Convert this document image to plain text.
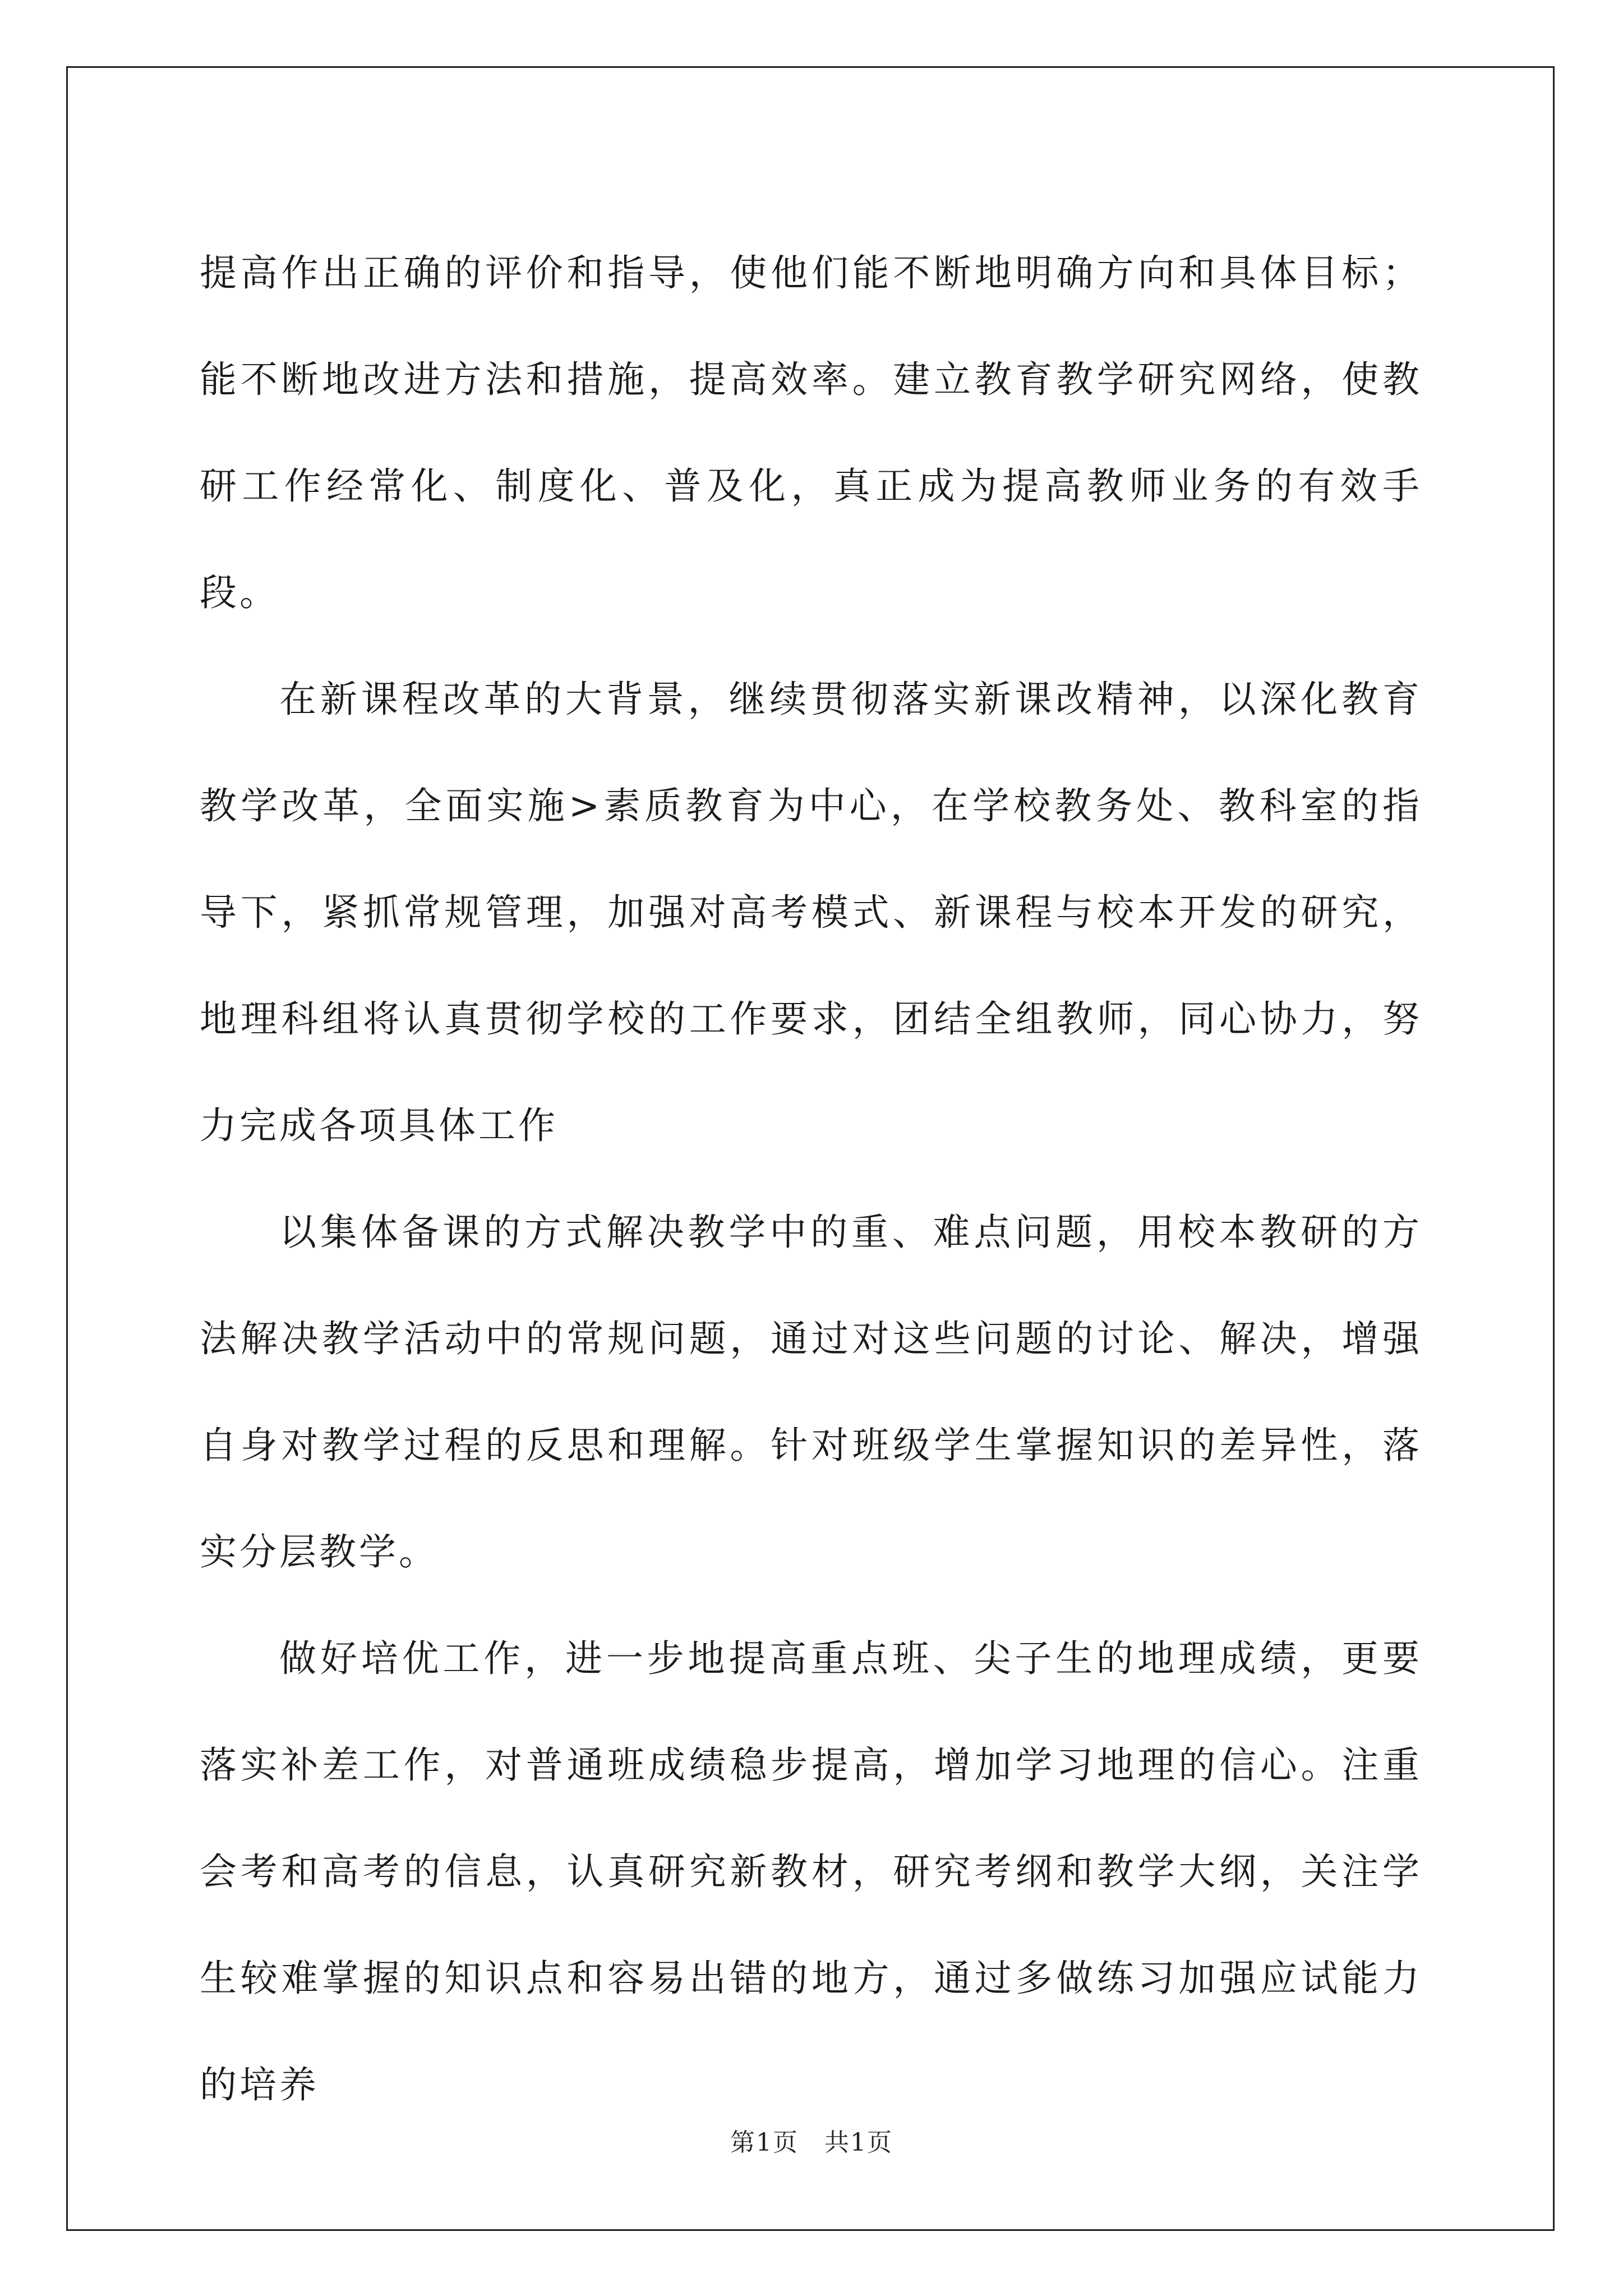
提高作出正确的评价和指导，使他们能不断地明确方向和具体目标；能不断地改进方法和措施，提高效率。建立教育教学研究网络，使教研工作经常化、制度化、普及化，真正成为提高教师业务的有效手段。

在新课程改革的大背景，继续贯彻落实新课改精神，以深化教育教学改革，全面实施>素质教育为中心，在学校教务处、教科室的指导下，紧抓常规管理，加强对高考模式、新课程与校本开发的研究，地理科组将认真贯彻学校的工作要求，团结全组教师，同心协力，努力完成各项具体工作

以集体备课的方式解决教学中的重、难点问题，用校本教研的方法解决教学活动中的常规问题，通过对这些问题的讨论、解决，增强自身对教学过程的反思和理解。针对班级学生掌握知识的差异性，落实分层教学。

做好培优工作，进一步地提高重点班、尖子生的地理成绩，更要落实补差工作，对普通班成绩稳步提高，增加学习地理的信心。注重会考和高考的信息，认真研究新教材，研究考纲和教学大纲，关注学生较难掌握的知识点和容易出错的地方，通过多做练习加强应试能力的培养

第1页　共1页
